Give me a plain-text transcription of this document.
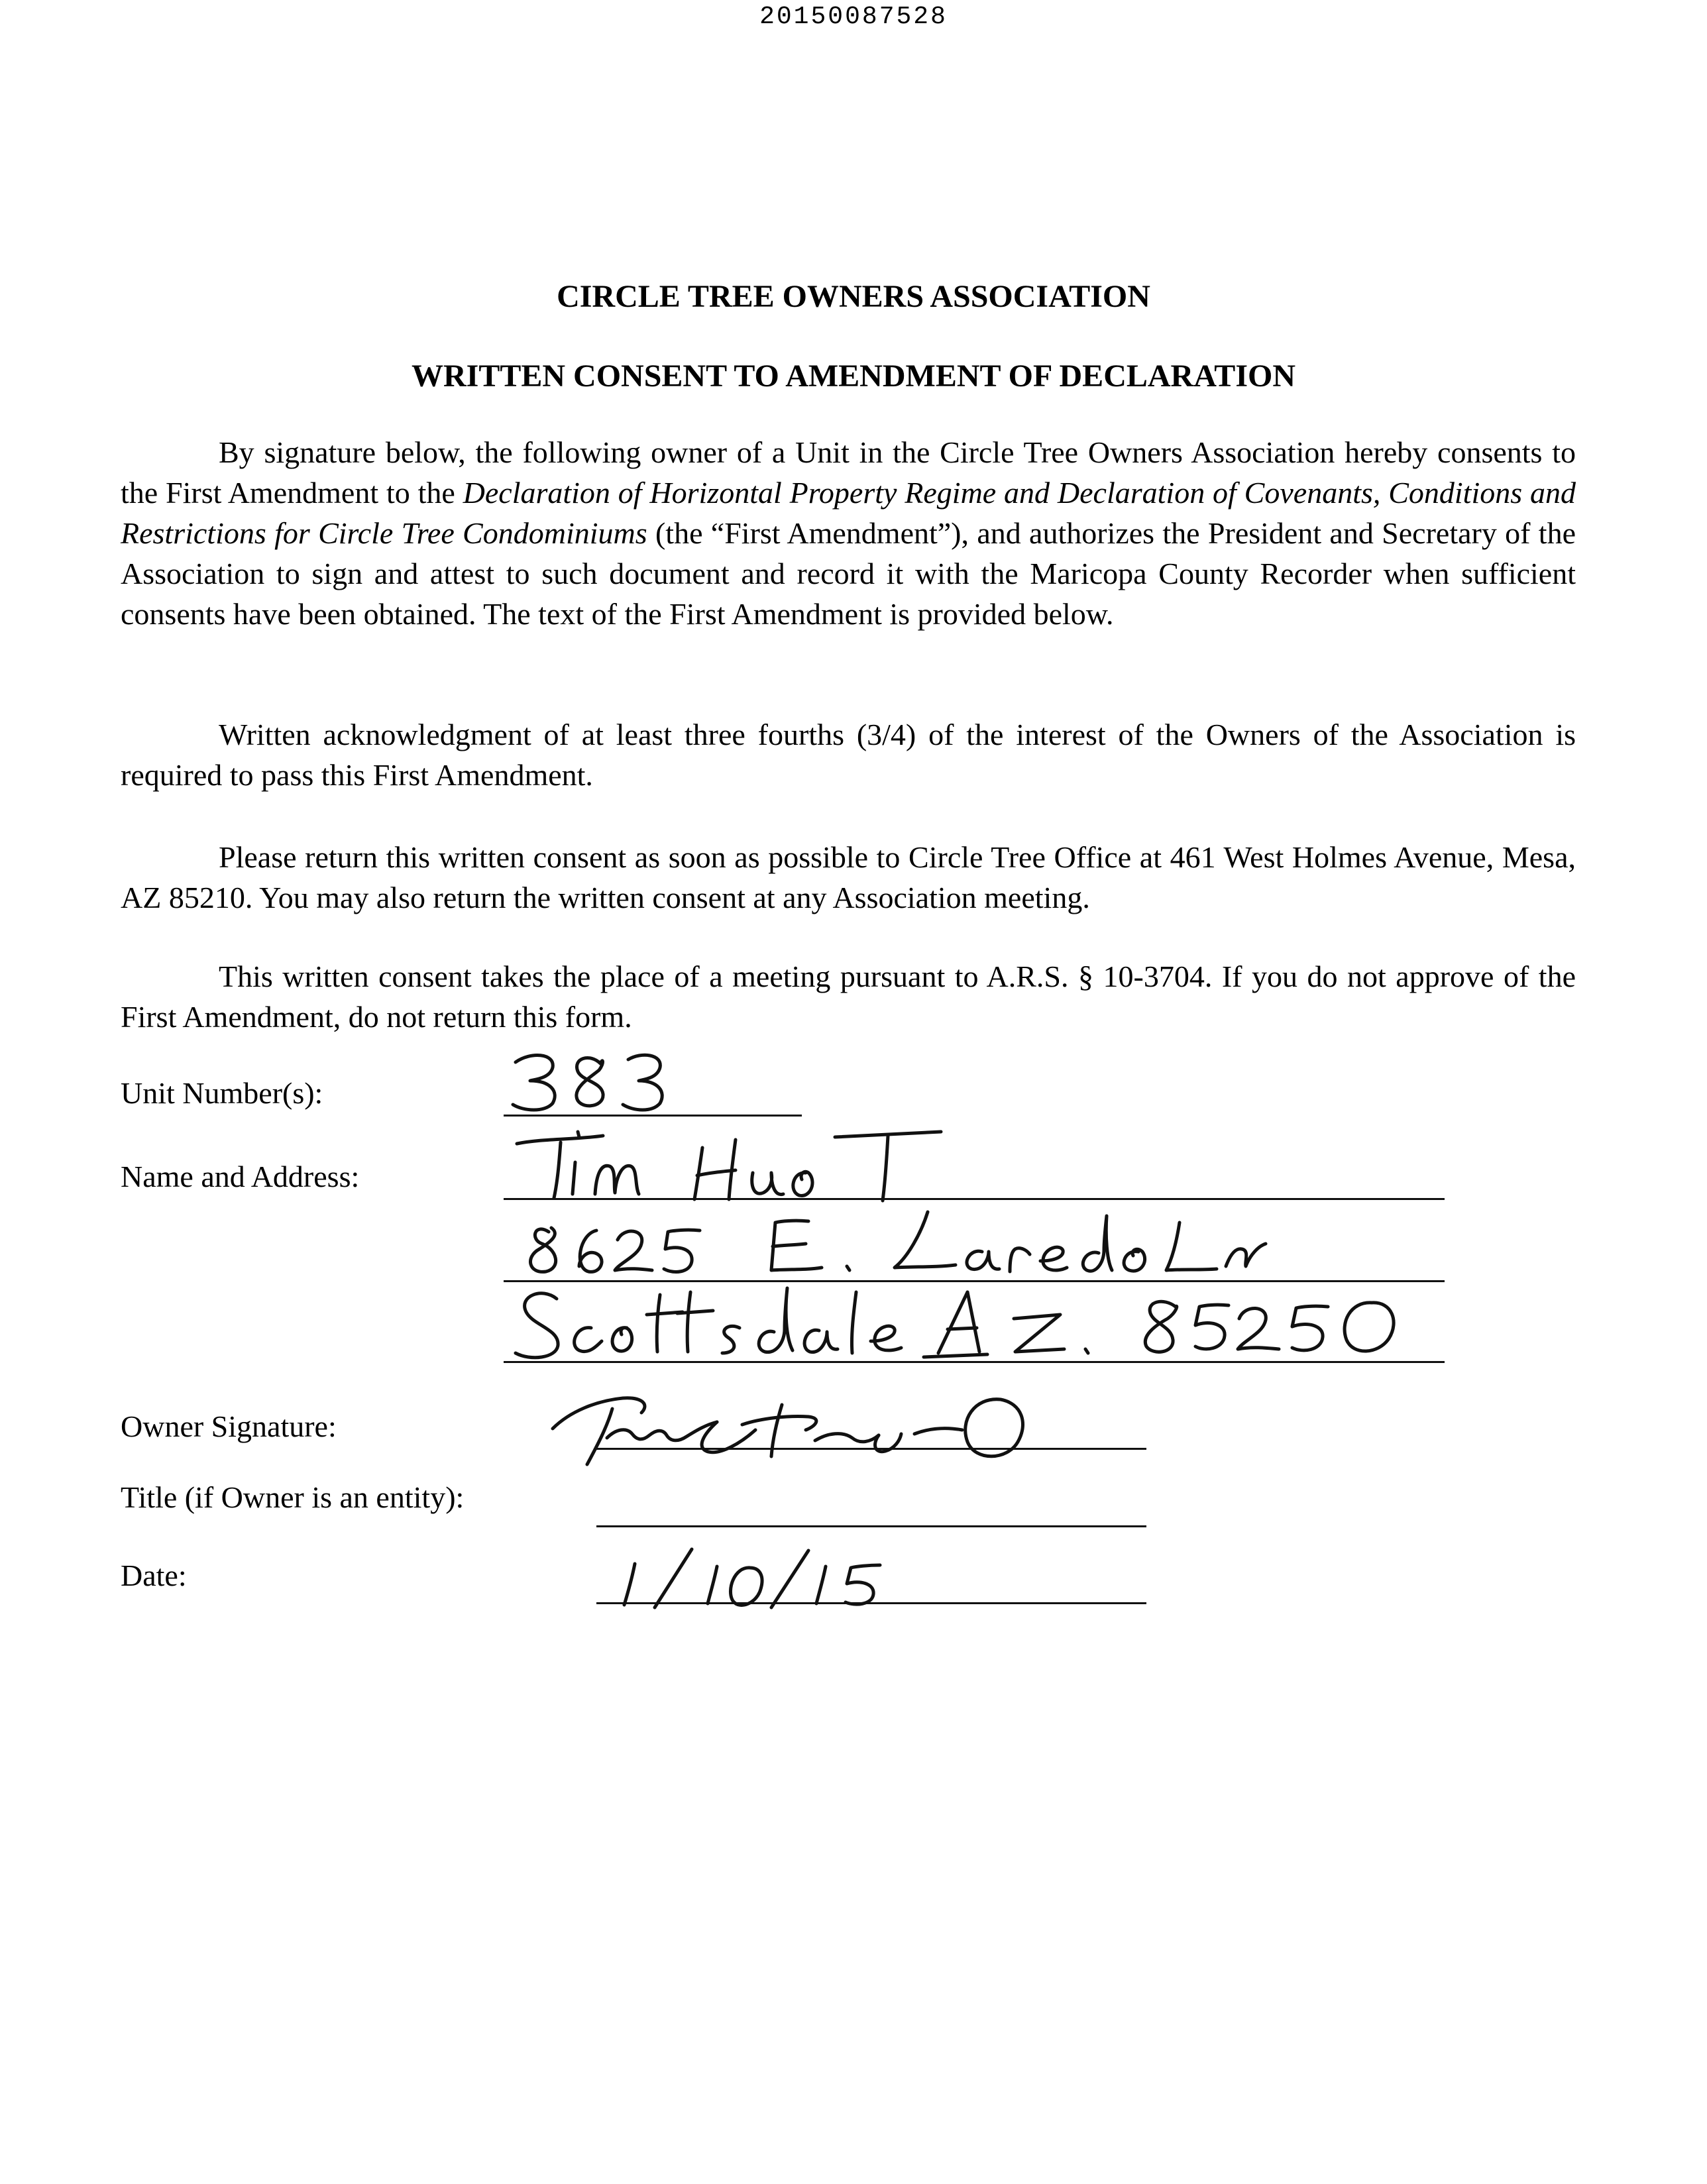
20150087528
CIRCLE TREE OWNERS ASSOCIATION
WRITTEN CONSENT TO AMENDMENT OF DECLARATION

By signature below, the following owner of a Unit in the Circle Tree Owners Association hereby consents to the First Amendment to the Declaration of Horizontal Property Regime and Declaration of Covenants, Conditions and Restrictions for Circle Tree Condominiums (the “First Amendment”), and authorizes the President and Secretary of the Association to sign and attest to such document and record it with the Maricopa County Recorder when sufficient consents have been obtained. The text of the First Amendment is provided below.

Written acknowledgment of at least three fourths (3/4) of the interest of the Owners of the Association is required to pass this First Amendment.

Please return this written consent as soon as possible to Circle Tree Office at 461 West Holmes Avenue, Mesa, AZ 85210. You may also return the written consent at any Association meeting.

This written consent takes the place of a meeting pursuant to A.R.S. § 10-3704. If you do not approve of the First Amendment, do not return this form.

Unit Number(s):
Name and Address:
Owner Signature:
Title (if Owner is an entity):
Date:
